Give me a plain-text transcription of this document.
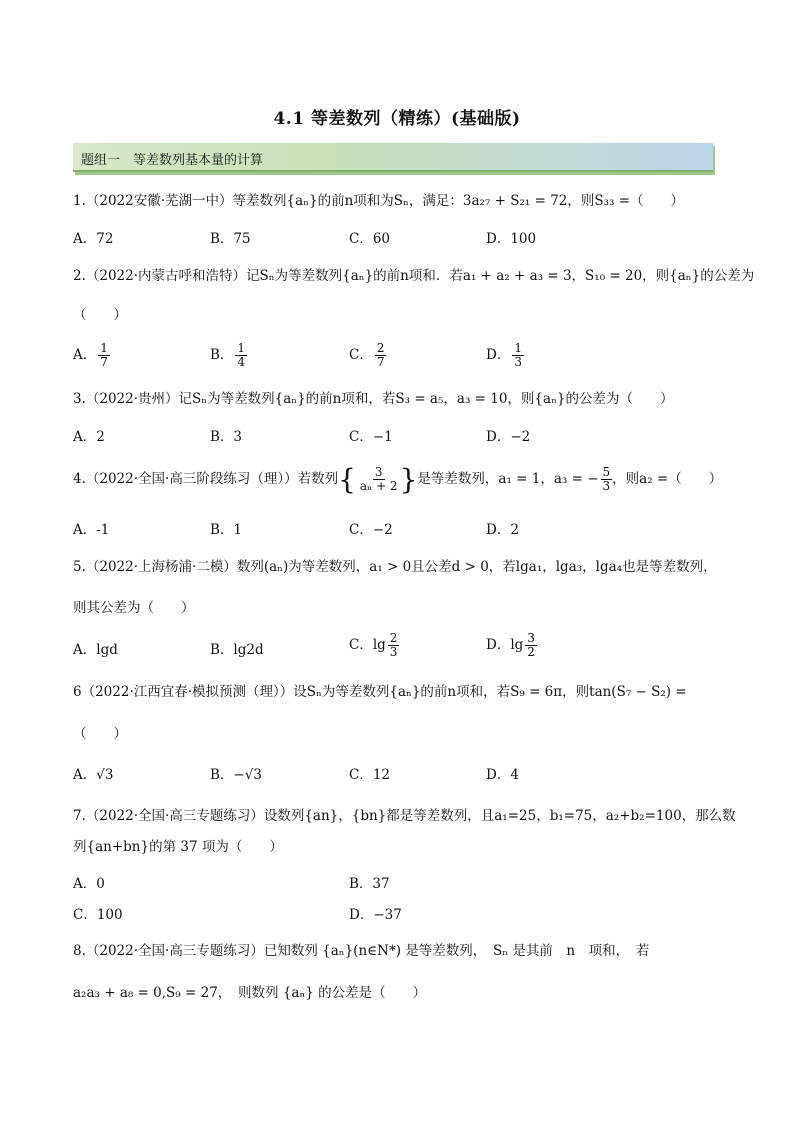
4.1 等差数列（精练）(基础版)
题组一　等差数列基本量的计算
1.（2022安徽·芜湖一中）等差数列{aₙ}的前n项和为Sₙ，满足：3a₂₇ + S₂₁ = 72，则S₃₃ =（　　）
A．72	B．75	C．60	D．100
2.（2022·内蒙古呼和浩特）记Sₙ为等差数列{aₙ}的前n项和．若a₁ + a₂ + a₃ = 3，S₁₀ = 20，则{aₙ}的公差为
（　　）
A． $\frac{1}{7}$	B． $\frac{1}{4}$	C． $\frac{2}{7}$	D． $\frac{1}{3}$
3.（2022·贵州）记Sₙ为等差数列{aₙ}的前n项和，若S₃ = a₅，a₃ = 10，则{aₙ}的公差为（　　）
A．2	B．3	C．−1	D．−2
4.（2022·全国·高三阶段练习（理））若数列{ $\frac{3}{\text{aₙ + 2}}$ }是等差数列，a₁ = 1，a₃ = − $\frac{5}{3}$ ，则a₂ =（　　）
A．-1	B．1	C．−2	D．2
5.（2022·上海杨浦·二模）数列(aₙ)为等差数列，a₁ > 0且公差d > 0，若lga₁，lga₃，lga₄也是等差数列，
则其公差为（　　）
A．lgd	B．lg2d	C．$\lg \frac{2}{3}$	D．$\lg \frac{3}{2}$
6（2022·江西宜春·模拟预测（理））设Sₙ为等差数列{aₙ}的前n项和，若S₉ = 6π，则tan(S₇ − S₂) =
（　　）
A．√3	B．−√3	C．12	D．4
7.（2022·全国·高三专题练习）设数列{an}，{bn}都是等差数列，且a₁=25，b₁=75，a₂+b₂=100，那么数
列{an+bn}的第 37 项为（　　）
A．0	B．37
C．100	D．−37
8.（2022·全国·高三专题练习）已知数列 {aₙ}(n∈N*) 是等差数列，　Sₙ 是其前　n　项和，　若
a₂a₃ + a₈ = 0,S₉ = 27，　则数列 {aₙ} 的公差是（　　）
